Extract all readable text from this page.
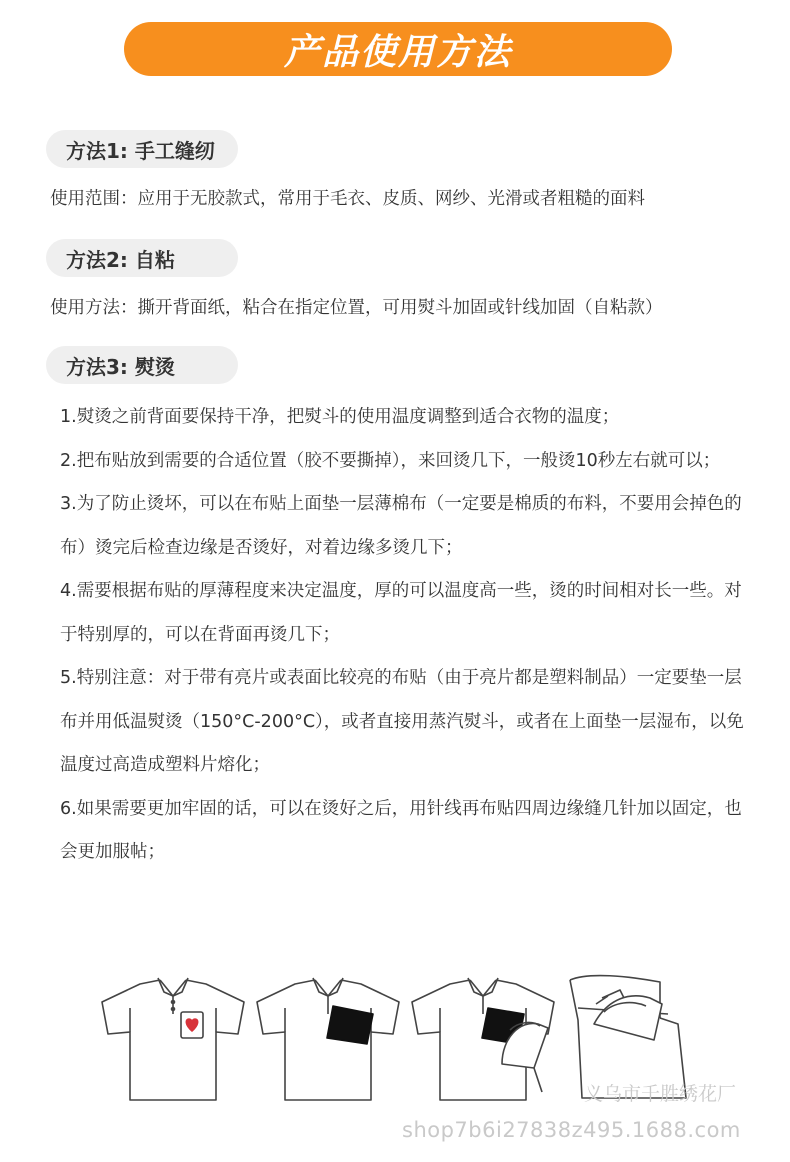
产品使用方法
方法1: 手工缝纫
使用范围：应用于无胶款式，常用于毛衣、皮质、网纱、光滑或者粗糙的面料
方法2: 自粘
使用方法：撕开背面纸，粘合在指定位置，可用熨斗加固或针线加固（自粘款）
方法3: 熨烫

1.熨烫之前背面要保持干净，把熨斗的使用温度调整到适合衣物的温度；

2.把布贴放到需要的合适位置（胶不要撕掉），来回烫几下，一般烫10秒左右就可以；

3.为了防止烫坏，可以在布贴上面垫一层薄棉布（一定要是棉质的布料，不要用会掉色的布）烫完后检查边缘是否烫好，对着边缘多烫几下；

4.需要根据布贴的厚薄程度来决定温度，厚的可以温度高一些，烫的时间相对长一些。对于特别厚的，可以在背面再烫几下；

5.特别注意：对于带有亮片或表面比较亮的布贴（由于亮片都是塑料制品）一定要垫一层布并用低温熨烫（150°C-200°C），或者直接用蒸汽熨斗，或者在上面垫一层湿布，以免温度过高造成塑料片熔化；

6.如果需要更加牢固的话，可以在烫好之后，用针线再布贴四周边缘缝几针加以固定，也会更加服帖；

义乌市千胜绣花厂
shop7b6i27838z495.1688.com
